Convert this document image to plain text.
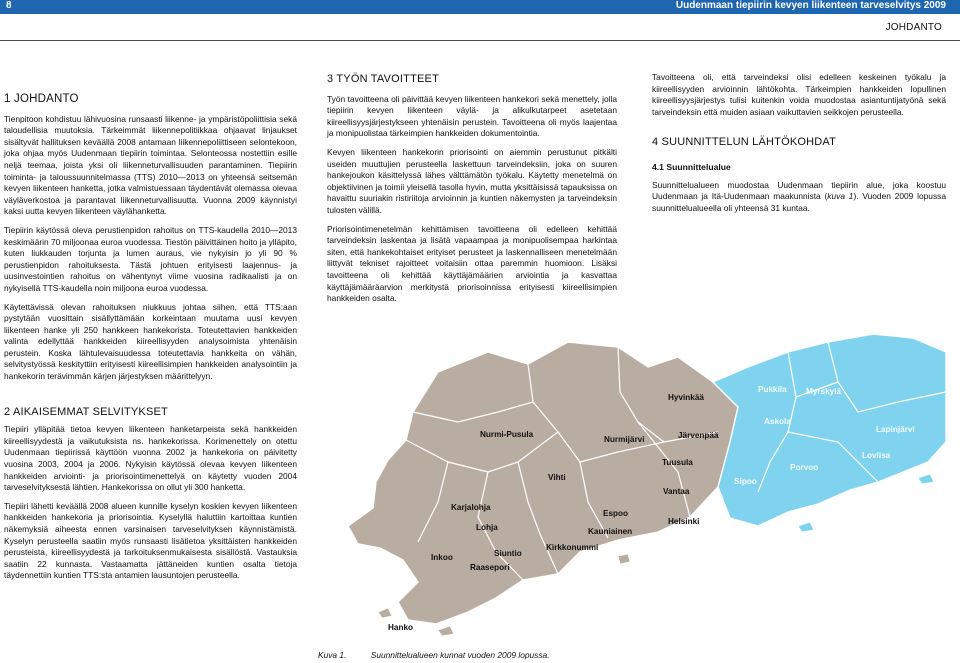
8	Uudenmaan tiepiirin kevyen liikenteen tarveselvitys 2009
JOHDANTO
1 JOHDANTO

Tienpitoon kohdistuu lähivuosina runsaasti liikenne- ja ympäristöpoliittisia sekä taloudellisia muutoksia. Tärkeimmät liikennepolitiikkaa ohjaavat linjaukset sisältyvät hallituksen keväällä 2008 antamaan liikennepoliittiseen selontekoon, joka ohjaa myös Uudenmaan tiepiirin toimintaa. Selonteossa nostettiin esille neljä teemaa, joista yksi oli liikenneturvallisuuden parantaminen. Tiepiirin toiminta- ja taloussuunnitelmassa (TTS) 2010—2013 on yhteensä seitsemän kevyen liikenteen hanketta, jotka valmistuessaan täydentävät olemassa olevaa väyläverkostoa ja parantavat liikenneturvallisuutta. Vuonna 2009 käynnistyi kaksi uutta kevyen liikenteen väylähanketta.

Tiepiirin käytössä oleva perustienpidon rahoitus on TTS-kaudella 2010—2013 keskimäärin 70 miljoonaa euroa vuodessa. Tiestön päivittäinen hoito ja ylläpito, kuten liukkauden torjunta ja lumen auraus, vie nykyisin jo yli 90 % perustienpidon rahoituksesta. Tästä johtuen erityisesti laajennus- ja uusinvestointien rahoitus on vähentynyt viime vuosina radikaalisti ja on nykyisellä TTS-kaudella noin miljoona euroa vuodessa.

Käytettävissä olevan rahoituksen niukkuus johtaa siihen, että TTS:aan pystytään vuosittain sisällyttämään korkeintaan muutama uusi kevyen liikenteen hanke yli 250 hankkeen hankekorista. Toteutettavien hankkeiden valinta edellyttää hankkeiden kiireellisyyden analysoimista yhtenäisin perustein. Koska lähtulevaisuudessa toteutettavia hankkeita on vähän, selvitystyössä keskityttiin erityisesti kiireellisimpien hankkeiden analysointiin ja hankekorin terävimmän kärjen järjestyksen määrittelyyn.

2 AIKAISEMMAT SELVITYKSET

Tiepiiri ylläpitää tietoa kevyen liikenteen hanketarpeista sekä hankkeiden kiireellisyydestä ja vaikutuksista ns. hankekorissa. Korimenettely on otettu Uudenmaan tiepiirissä käyttöön vuonna 2002 ja hankekoria on päivitetty vuosina 2003, 2004 ja 2006. Nykyisin käytössä olevaa kevyen liikenteen hankkeiden arviointi- ja priorisointimenettelyä on käytetty vuoden 2004 tarveselvityksestä lähtien. Hankekorissa on ollut yli 300 hanketta.

Tiepiiri lähetti keväällä 2008 alueen kunnille kyselyn koskien kevyen liikenteen hankkeiden hankekoria ja priorisointia. Kyselyllä haluttiin kartoittaa kuntien näkemyksiä aiheesta ennen varsinaisen tarveselvityksen käynnistämistä. Kyselyn perusteella saatiin myös runsaasti lisätietoa yksittäisten hankkeiden perusteista, kiireellisyydestä ja tarkoituksenmukaisesta sisällöstä. Vastauksia saatiin 22 kunnasta. Vastaamatta jättäneiden kuntien osalta tietoja täydennettiin kuntien TTS:sta antamien lausuntojen perusteella.

3 TYÖN TAVOITTEET

Työn tavoitteena oli päivittää kevyen liikenteen hankekori sekä menettely, jolla tiepiirin kevyen liikenteen väylä- ja alikulkutarpeet asetetaan kiireellisyysjärjestykseen yhtenäisin perustein. Tavoitteena oli myös laajentaa ja monipuolistaa tärkeimpien hankkeiden dokumentointia.

Kevyen liikenteen hankekorin priorisointi on aiemmin perustunut pitkälti useiden muuttujien perusteella laskettuun tarveindeksiin, joka on suuren hankejoukon käsittelyssä lähes välttämätön työkalu. Käytetty menetelmä on objektiivinen ja toimii yleisellä tasolla hyvin, mutta yksittäisissä tapauksissa on havaittu suuriakin ristiriitoja arvioinnin ja kuntien näkemysten ja tarveindeksin tulosten välillä.

Priorisointimenetelmän kehittämisen tavoitteena oli edelleen kehittää tarveindeksin laskentaa ja lisätä vapaampaa ja monipuolisempaa harkintaa siten, että hankekohtaiset erityiset perusteet ja laskennalliseen menetelmään liittyvät tekniset rajoitteet voitaisiin ottaa paremmin huomioon. Lisäksi tavoitteena oli kehittää käyttäjämäärien arviointia ja kasvattaa käyttäjämääräarvion merkitystä priorisoinnissa erityisesti kiireellisimpien hankkeiden osalta.

Tavoitteena oli, että tarveindeksi olisi edelleen keskeinen työkalu ja kiireellisyyden arvioinnin lähtökohta. Tärkeimpien hankkeiden lopullinen kiireellisyysjärjestys tulisi kuitenkin voida muodostaa asiantuntijatyönä sekä tarveindeksin että muiden asiaan vaikuttavien seikkojen perusteella.

4 SUUNNITTELUN LÄHTÖKOHDAT
4.1 Suunnittelualue

Suunnittelualueen muodostaa Uudenmaan tiepiirin alue, joka koostuu Uudenmaan ja Itä-Uudenmaan maakunnista (kuva 1). Vuoden 2009 lopussa suunnittelualueella oli yhteensä 31 kuntaa.

Hyvinkää
Nurmi-Pusula
Nurmijärvi	Järvenpää
Tuusula
Vihti
Karjalohja
Lohja
Vantaa
Siuntio
Espoo
Helsinki
Inkoo
Kirkkonummi
Kauniainen
Raasepori
Hanko
Pukkila Myrskylä
Askola
Lapinjärvi
Loviisa
Porvoo
Sipoo
Kuva 1.	Suunnittelualueen kunnat vuoden 2009 lopussa.
